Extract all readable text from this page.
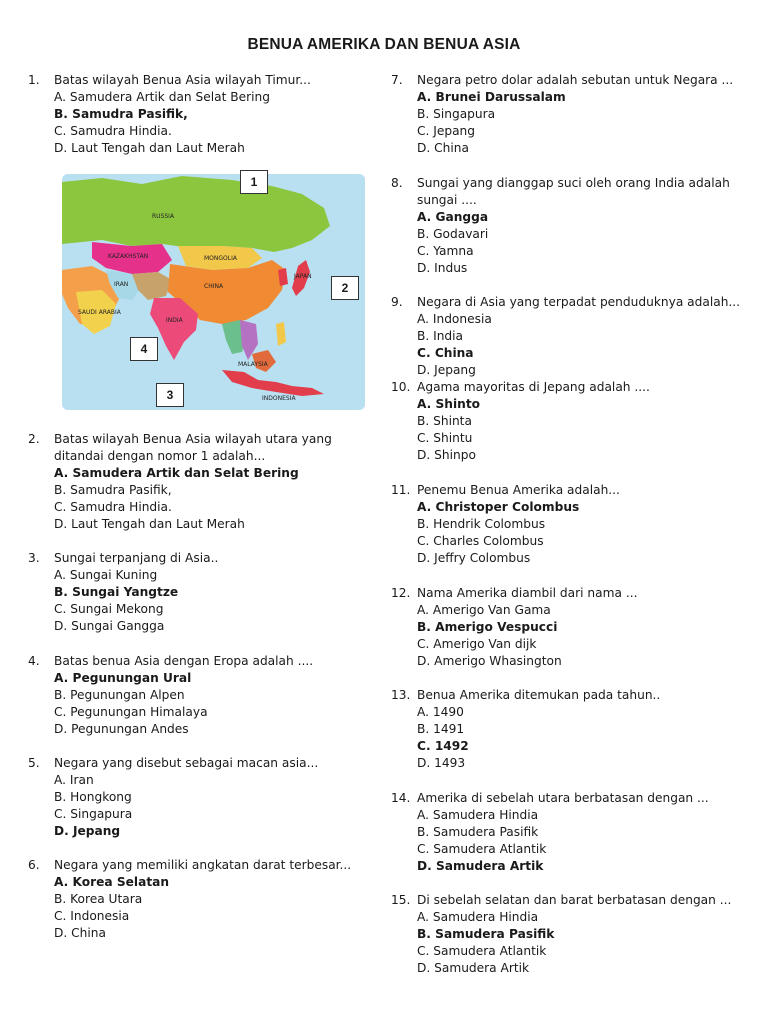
BENUA AMERIKA DAN BENUA ASIA
1. Batas wilayah Benua Asia wilayah Timur...
A. Samudera Artik dan Selat Bering
B. Samudra Pasifik,
C. Samudra Hindia.
D. Laut Tengah dan Laut Merah
2. Batas wilayah Benua Asia wilayah utara yang
ditandai dengan nomor 1 adalah...
A. Samudera Artik dan Selat Bering
B. Samudra Pasifik,
C. Samudra Hindia.
D. Laut Tengah dan Laut Merah
3. Sungai terpanjang di Asia..
A. Sungai Kuning
B. Sungai Yangtze
C. Sungai Mekong
D. Sungai Gangga
4. Batas benua Asia dengan Eropa adalah ....
A. Pegunungan Ural
B. Pegunungan Alpen
C. Pegunungan Himalaya
D. Pegunungan Andes
5. Negara yang disebut sebagai macan asia...
A. Iran
B. Hongkong
C. Singapura
D. Jepang
6. Negara yang memiliki angkatan darat terbesar...
A. Korea Selatan
B. Korea Utara
C. Indonesia
D. China
7. Negara petro dolar adalah sebutan untuk Negara ...
A. Brunei Darussalam
B. Singapura
C. Jepang
D. China
8. Sungai yang dianggap suci oleh orang India adalah
sungai ....
A. Gangga
B. Godavari
C. Yamna
D. Indus
9. Negara di Asia yang terpadat penduduknya adalah...
A. Indonesia
B. India
C. China
D. Jepang
10. Agama mayoritas di Jepang adalah ....
A. Shinto
B. Shinta
C. Shintu
D. Shinpo
11. Penemu Benua Amerika adalah...
A. Christoper Colombus
B. Hendrik Colombus
C. Charles Colombus
D. Jeffry Colombus
12. Nama Amerika diambil dari nama ...
A. Amerigo Van Gama
B. Amerigo Vespucci
C. Amerigo Van dijk
D. Amerigo Whasington
13. Benua Amerika ditemukan pada tahun..
A. 1490
B. 1491
C. 1492
D. 1493
14. Amerika di sebelah utara berbatasan dengan ...
A. Samudera Hindia
B. Samudera Pasifik
C. Samudera Atlantik
D. Samudera Artik
15. Di sebelah selatan dan barat berbatasan dengan ...
A. Samudera Hindia
B. Samudera Pasifik
C. Samudera Atlantik
D. Samudera Artik
RUSSIA
MONGOLIA
CHINA
INDIA
KAZAKHSTAN
IRAN
SAUDI ARABIA
JAPAN
MALAYSIA
INDONESIA
1
2
3
4
